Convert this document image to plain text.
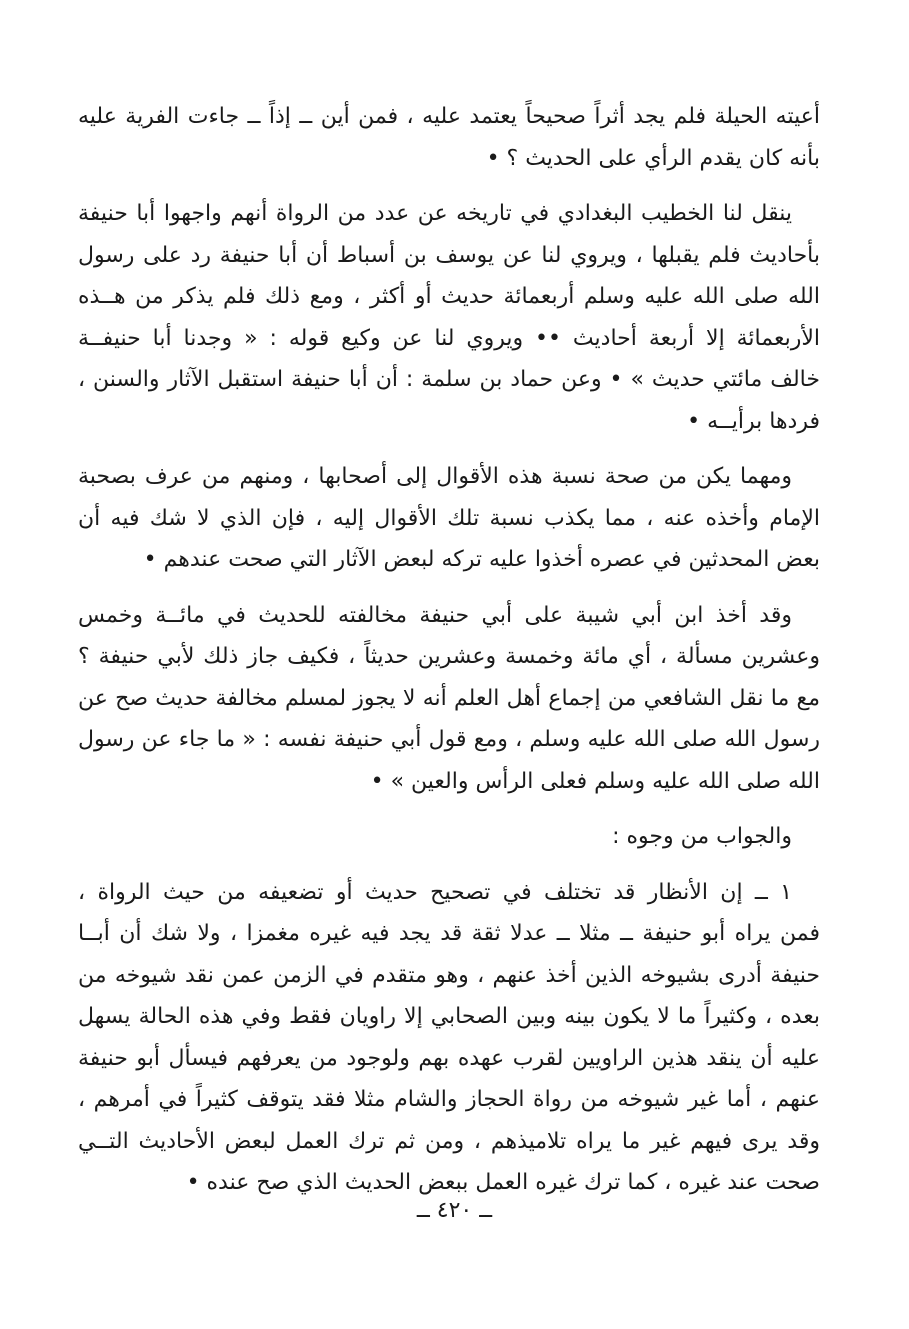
أعيته الحيلة فلم يجد أثراً صحيحاً يعتمد عليه ، فمن أين ــ إذاً ــ جاءت الفرية عليه
بأنه كان يقدم الرأي على الحديث ؟ •

ينقل لنا الخطيب البغدادي في تاريخه عن عدد من الرواة أنهم واجهوا أبا حنيفة
بأحاديث فلم يقبلها ، ويروي لنا عن يوسف بن أسباط أن أبا حنيفة رد على رسول
الله صلى الله عليه وسلم أربعمائة حديث أو أكثر ، ومع ذلك فلم يذكر من هــذه
الأربعمائة إلا أربعة أحاديث •• ويروي لنا عن وكيع قوله : « وجدنا أبا حنيفــة
خالف مائتي حديث » • وعن حماد بن سلمة : أن أبا حنيفة استقبل الآثار والسنن ،
فردها برأيــه •

ومهما يكن من صحة نسبة هذه الأقوال إلى أصحابها ، ومنهم من عرف بصحبة
الإمام وأخذه عنه ، مما يكذب نسبة تلك الأقوال إليه ، فإن الذي لا شك فيه أن
بعض المحدثين في عصره أخذوا عليه تركه لبعض الآثار التي صحت عندهم •

وقد أخذ ابن أبي شيبة على أبي حنيفة مخالفته للحديث في مائــة وخمس
وعشرين مسألة ، أي مائة وخمسة وعشرين حديثاً ، فكيف جاز ذلك لأبي حنيفة ؟
مع ما نقل الشافعي من إجماع أهل العلم أنه لا يجوز لمسلم مخالفة حديث صح عن
رسول الله صلى الله عليه وسلم ، ومع قول أبي حنيفة نفسه : « ما جاء عن رسول
الله صلى الله عليه وسلم فعلى الرأس والعين » •

والجواب من وجوه :

١ ــ إن الأنظار قد تختلف في تصحيح حديث أو تضعيفه من حيث الرواة ،
فمن يراه أبو حنيفة ــ مثلا ــ عدلا ثقة قد يجد فيه غيره مغمزا ، ولا شك أن أبــا
حنيفة أدرى بشيوخه الذين أخذ عنهم ، وهو متقدم في الزمن عمن نقد شيوخه من
بعده ، وكثيراً ما لا يكون بينه وبين الصحابي إلا راويان فقط وفي هذه الحالة يسهل
عليه أن ينقد هذين الراويين لقرب عهده بهم ولوجود من يعرفهم فيسأل أبو حنيفة
عنهم ، أما غير شيوخه من رواة الحجاز والشام مثلا فقد يتوقف كثيراً في أمرهم ،
وقد يرى فيهم غير ما يراه تلاميذهم ، ومن ثم ترك العمل لبعض الأحاديث التــي
صحت عند غيره ، كما ترك غيره العمل ببعض الحديث الذي صح عنده •

ــ ٤٢٠ ــ
